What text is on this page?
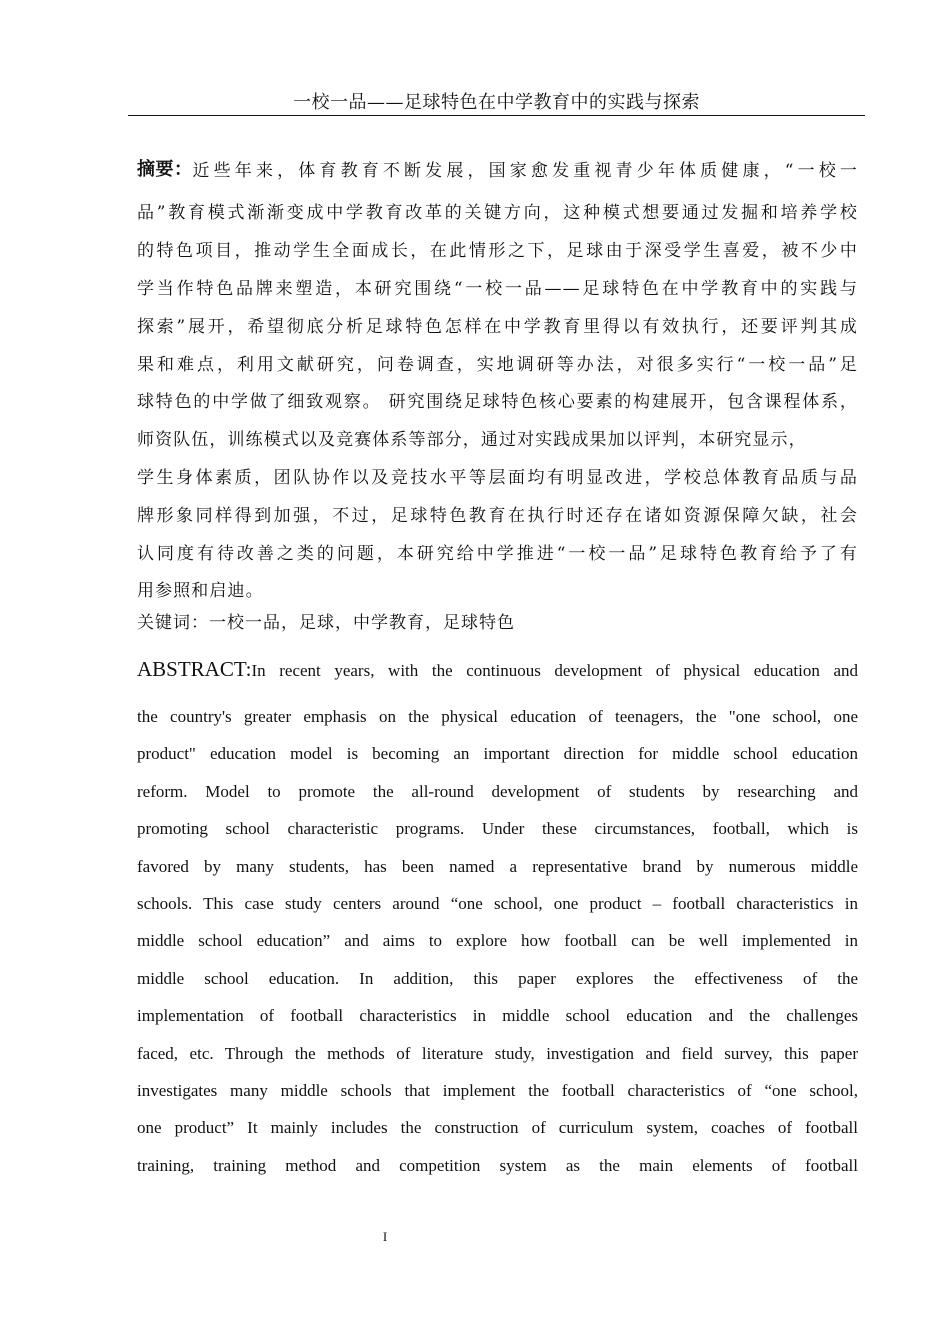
一校一品——足球特色在中学教育中的实践与探索
摘要： 近些年来，体育教育不断发展，国家愈发重视青少年体质健康，“一校一
品”教育模式渐渐变成中学教育改革的关键方向，这种模式想要通过发掘和培养学校
的特色项目，推动学生全面成长，在此情形之下，足球由于深受学生喜爱，被不少中
学当作特色品牌来塑造，本研究围绕“一校一品——足球特色在中学教育中的实践与
探索”展开，希望彻底分析足球特色怎样在中学教育里得以有效执行，还要评判其成
果和难点，利用文献研究，问卷调查，实地调研等办法，对很多实行“一校一品”足
球特色的中学做了细致观察。 研究围绕足球特色核心要素的构建展开，包含课程体系，
师资队伍，训练模式以及竞赛体系等部分，通过对实践成果加以评判，本研究显示，
学生身体素质，团队协作以及竞技水平等层面均有明显改进，学校总体教育品质与品
牌形象同样得到加强，不过，足球特色教育在执行时还存在诸如资源保障欠缺，社会
认同度有待改善之类的问题，本研究给中学推进“一校一品”足球特色教育给予了有
用参照和启迪。
关键词：一校一品，足球，中学教育，足球特色
ABSTRACT: In recent years, with the continuous development of physical education and
the country's greater emphasis on the physical education of teenagers, the "one school, one
product" education model is becoming an important direction for middle school education
reform. Model to promote the all-round development of students by researching and
promoting school characteristic programs. Under these circumstances, football, which is
favored by many students, has been named a representative brand by numerous middle
schools. This case study centers around “one school, one product – football characteristics in
middle school education” and aims to explore how football can be well implemented in
middle school education. In addition, this paper explores the effectiveness of the
implementation of football characteristics in middle school education and the challenges
faced, etc. Through the methods of literature study, investigation and field survey, this paper
investigates many middle schools that implement the football characteristics of “one school,
one product” It mainly includes the construction of curriculum system, coaches of football
training, training method and competition system as the main elements of football
I
